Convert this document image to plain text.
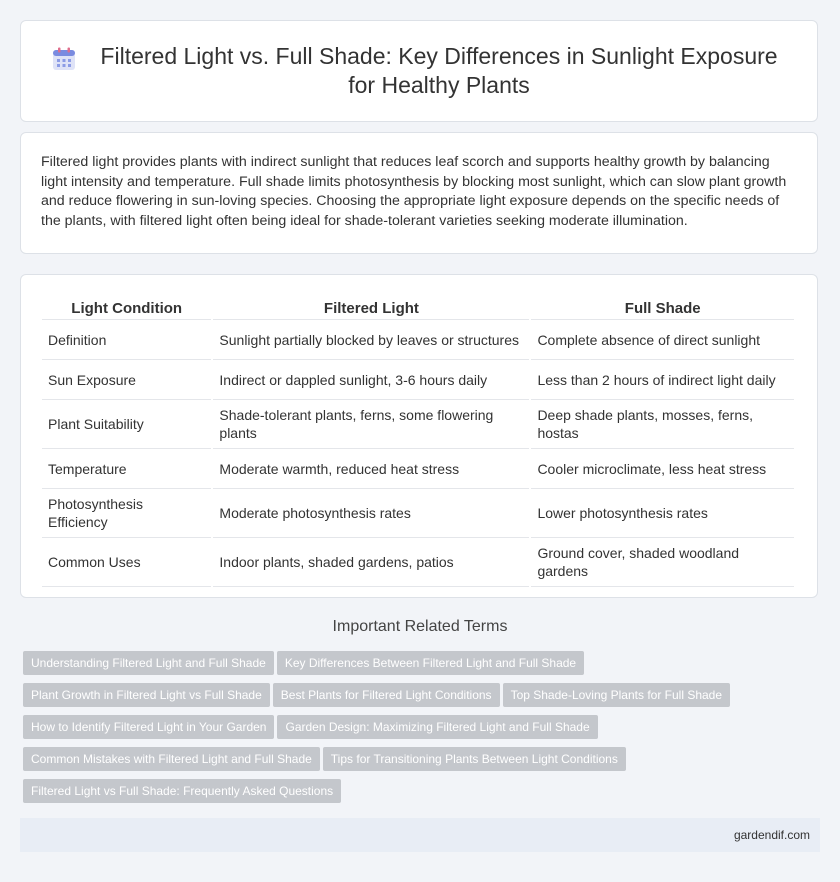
Filtered Light vs. Full Shade: Key Differences in Sunlight Exposure for Healthy Plants

Filtered light provides plants with indirect sunlight that reduces leaf scorch and supports healthy growth by balancing light intensity and temperature. Full shade limits photosynthesis by blocking most sunlight, which can slow plant growth and reduce flowering in sun-loving species. Choosing the appropriate light exposure depends on the specific needs of the plants, with filtered light often being ideal for shade-tolerant varieties seeking moderate illumination.

Light Condition	Filtered Light	Full Shade
Definition	Sunlight partially blocked by leaves or structures	Complete absence of direct sunlight
Sun Exposure	Indirect or dappled sunlight, 3-6 hours daily	Less than 2 hours of indirect light daily
Plant Suitability	Shade-tolerant plants, ferns, some flowering plants	Deep shade plants, mosses, ferns, hostas
Temperature	Moderate warmth, reduced heat stress	Cooler microclimate, less heat stress
Photosynthesis Efficiency	Moderate photosynthesis rates	Lower photosynthesis rates
Common Uses	Indoor plants, shaded gardens, patios	Ground cover, shaded woodland gardens
Important Related Terms
Understanding Filtered Light and Full Shade Key Differences Between Filtered Light and Full Shade
Plant Growth in Filtered Light vs Full Shade Best Plants for Filtered Light Conditions Top Shade-Loving Plants for Full Shade
How to Identify Filtered Light in Your Garden Garden Design: Maximizing Filtered Light and Full Shade
Common Mistakes with Filtered Light and Full Shade Tips for Transitioning Plants Between Light Conditions
Filtered Light vs Full Shade: Frequently Asked Questions
gardendif.com
